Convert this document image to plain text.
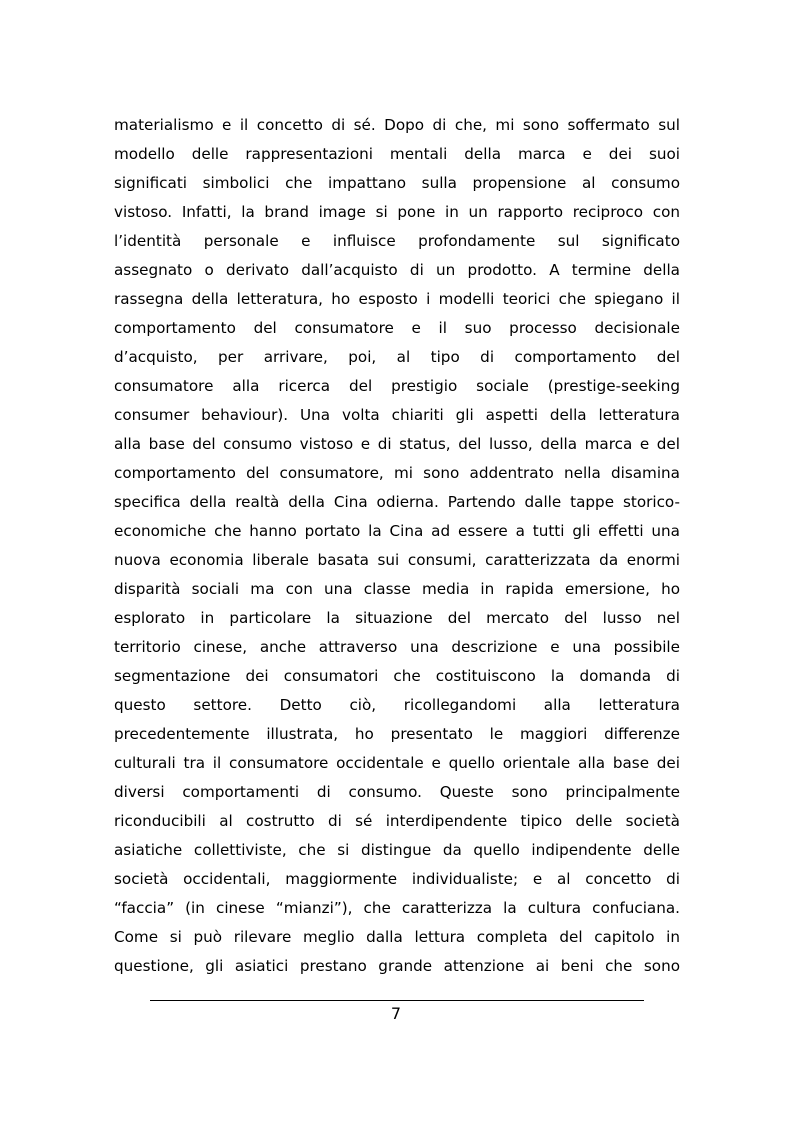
materialismo e il concetto di sé. Dopo di che, mi sono soffermato sul
modello delle rappresentazioni mentali della marca e dei suoi
significati simbolici che impattano sulla propensione al consumo
vistoso. Infatti, la brand image si pone in un rapporto reciproco con
l’identità personale e influisce profondamente sul significato
assegnato o derivato dall’acquisto di un prodotto. A termine della
rassegna della letteratura, ho esposto i modelli teorici che spiegano il
comportamento del consumatore e il suo processo decisionale
d’acquisto, per arrivare, poi, al tipo di comportamento del
consumatore alla ricerca del prestigio sociale (prestige-seeking
consumer behaviour). Una volta chiariti gli aspetti della letteratura
alla base del consumo vistoso e di status, del lusso, della marca e del
comportamento del consumatore, mi sono addentrato nella disamina
specifica della realtà della Cina odierna. Partendo dalle tappe storico-
economiche che hanno portato la Cina ad essere a tutti gli effetti una
nuova economia liberale basata sui consumi, caratterizzata da enormi
disparità sociali ma con una classe media in rapida emersione, ho
esplorato in particolare la situazione del mercato del lusso nel
territorio cinese, anche attraverso una descrizione e una possibile
segmentazione dei consumatori che costituiscono la domanda di
questo settore. Detto ciò, ricollegandomi alla letteratura
precedentemente illustrata, ho presentato le maggiori differenze
culturali tra il consumatore occidentale e quello orientale alla base dei
diversi comportamenti di consumo. Queste sono principalmente
riconducibili al costrutto di sé interdipendente tipico delle società
asiatiche collettiviste, che si distingue da quello indipendente delle
società occidentali, maggiormente individualiste; e al concetto di
“faccia” (in cinese “mianzi”), che caratterizza la cultura confuciana.
Come si può rilevare meglio dalla lettura completa del capitolo in
questione, gli asiatici prestano grande attenzione ai beni che sono
7
